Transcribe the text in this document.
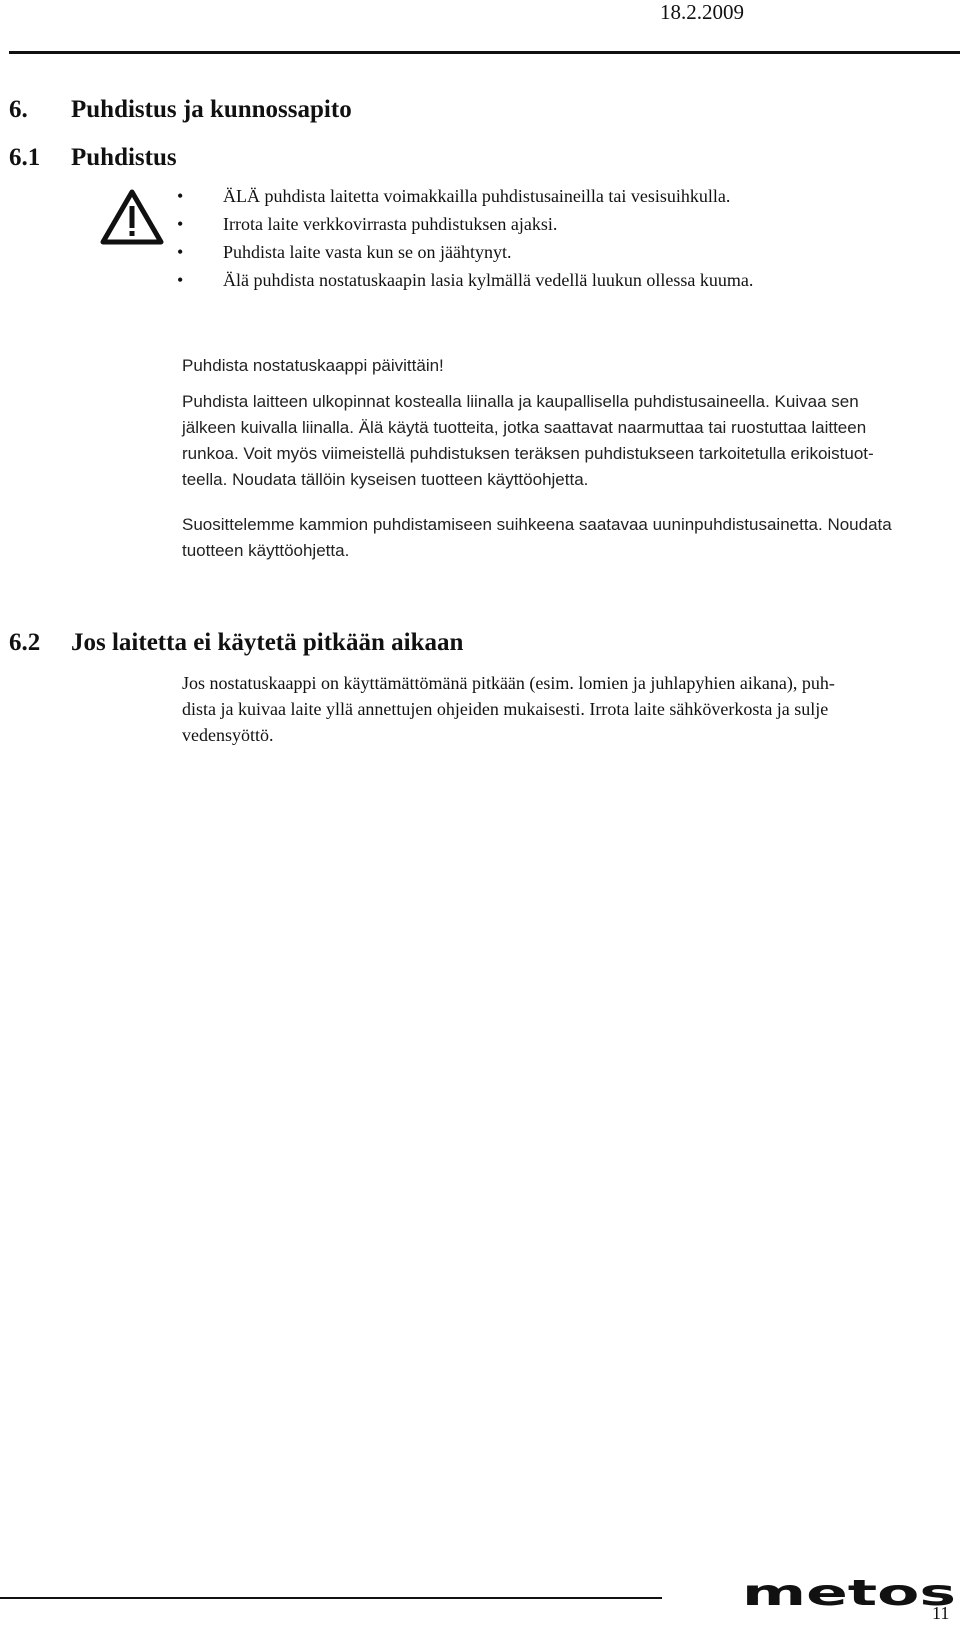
18.2.2009
6. Puhdistus ja kunnossapito
6.1 Puhdistus
• ÄLÄ puhdista laitetta voimakkailla puhdistusaineilla tai vesisuihkulla.
• Irrota laite verkkovirrasta puhdistuksen ajaksi.
• Puhdista laite vasta kun se on jäähtynyt.
• Älä puhdista nostatuskaapin lasia kylmällä vedellä luukun ollessa kuuma.

Puhdista nostatuskaappi päivittäin!

Puhdista laitteen ulkopinnat kostealla liinalla ja kaupallisella puhdistusaineella. Kuivaa sen
jälkeen kuivalla liinalla. Älä käytä tuotteita, jotka saattavat naarmuttaa tai ruostuttaa laitteen
runkoa. Voit myös viimeistellä puhdistuksen teräksen puhdistukseen tarkoitetulla erikoistuot-
teella. Noudata tällöin kyseisen tuotteen käyttöohjetta.
Suosittelemme kammion puhdistamiseen suihkeena saatavaa uuninpuhdistusainetta. Noudata
tuotteen käyttöohjetta.
6.2 Jos laitetta ei käytetä pitkään aikaan
Jos nostatuskaappi on käyttämättömänä pitkään (esim. lomien ja juhlapyhien aikana), puh-
dista ja kuivaa laite yllä annettujen ohjeiden mukaisesti. Irrota laite sähköverkosta ja sulje
vedensyöttö.
metos
11
